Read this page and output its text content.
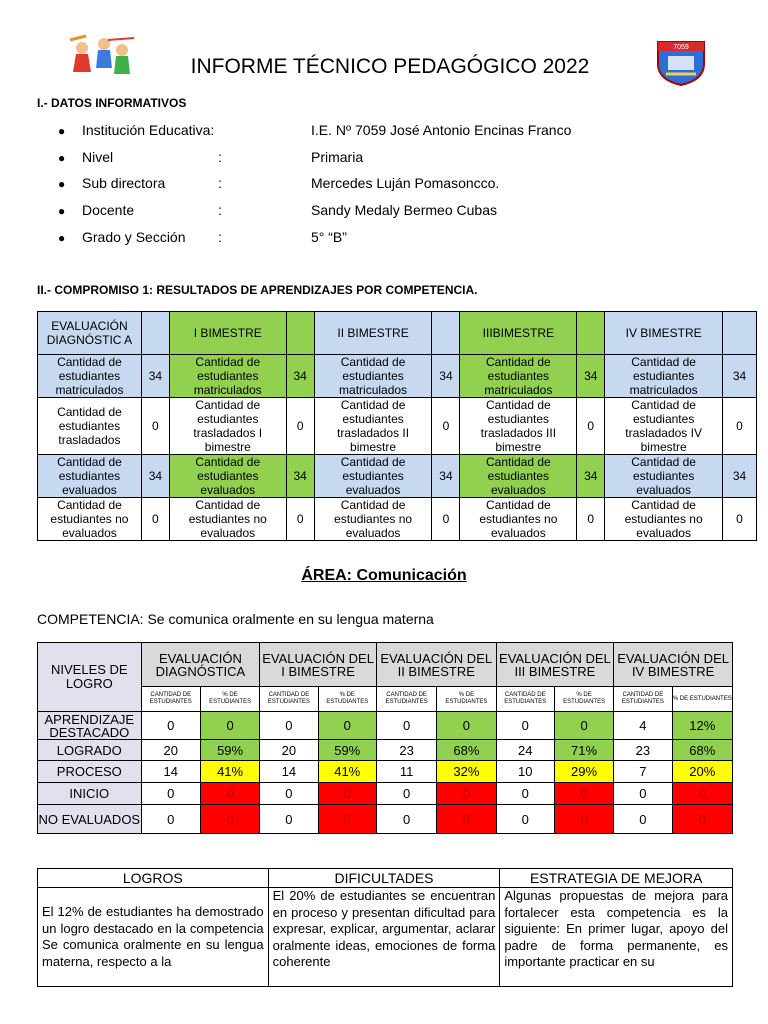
7059
INFORME TÉCNICO PEDAGÓGICO 2022
I.- DATOS INFORMATIVOS
● Institución Educativa:	I.E. Nº 7059 José Antonio Encinas Franco
● Nivel	:	Primaria
● Sub directora	:	Mercedes Luján Pomasoncco.
● Docente	:	Sandy Medaly Bermeo Cubas
● Grado y Sección :	5° “B”
II.- COMPROMISO 1: RESULTADOS DE APRENDIZAJES POR COMPETENCIA.
EVALUACIÓN DIAGNÓSTIC A		I BIMESTRE		II BIMESTRE		IIIBIMESTRE		IV BIMESTRE	
Cantidad de estudiantes matriculados	34	Cantidad de estudiantes matriculados	34	Cantidad de estudiantes matriculados	34	Cantidad de estudiantes matriculados	34	Cantidad de estudiantes matriculados	34
Cantidad de estudiantes trasladados	0	Cantidad de estudiantes trasladados I bimestre	0	Cantidad de estudiantes trasladados II bimestre	0	Cantidad de estudiantes trasladados III bimestre	0	Cantidad de estudiantes trasladados IV bimestre	0
Cantidad de estudiantes evaluados	34	Cantidad de estudiantes evaluados	34	Cantidad de estudiantes evaluados	34	Cantidad de estudiantes evaluados	34	Cantidad de estudiantes evaluados	34
Cantidad de estudiantes no evaluados	0	Cantidad de estudiantes no evaluados	0	Cantidad de estudiantes no evaluados	0	Cantidad de estudiantes no evaluados	0	Cantidad de estudiantes no evaluados	0
ÁREA: Comunicación
COMPETENCIA: Se comunica oralmente en su lengua materna
NIVELES DE LOGRO	EVALUACIÓN DIAGNÓSTICA		EVALUACIÓN DEL I BIMESTRE		EVALUACIÓN DEL II BIMESTRE		EVALUACIÓN DEL III BIMESTRE		EVALUACIÓN DEL IV BIMESTRE	
	CANTIDAD DE ESTUDIANTES	% DE ESTUDIANTES	CANTIDAD DE ESTUDIANTES	% DE ESTUDIANTES	CANTIDAD DE ESTUDIANTES	% DE ESTUDIANTES	CANTIDAD DE ESTUDIANTES	% DE ESTUDIANTES	CANTIDAD DE ESTUDIANTES	% DE ESTUDIANTES
APRENDIZAJE DESTACADO	0	0	0	0	0	0	0	0	4	12%
LOGRADO	20	59%	20	59%	23	68%	24	71%	23	68%
PROCESO	14	41%	14	41%	11	32%	10	29%	7	20%
INICIO	0	0	0	0	0	0	0	0	0	0
NO EVALUADOS	0	0	0	0	0	0	0	0	0	0
LOGROS	DIFICULTADES	ESTRATEGIA DE MEJORA
El 12% de estudiantes ha demostrado un logro destacado en la competencia Se comunica oralmente en su lengua materna, respecto a la	El 20% de estudiantes se encuentran en proceso y presentan dificultad para expresar, explicar, argumentar, aclarar oralmente ideas, emociones de forma coherente	Algunas propuestas de mejora para fortalecer esta competencia es la siguiente: En primer lugar, apoyo del padre de forma permanente, es importante practicar en su
